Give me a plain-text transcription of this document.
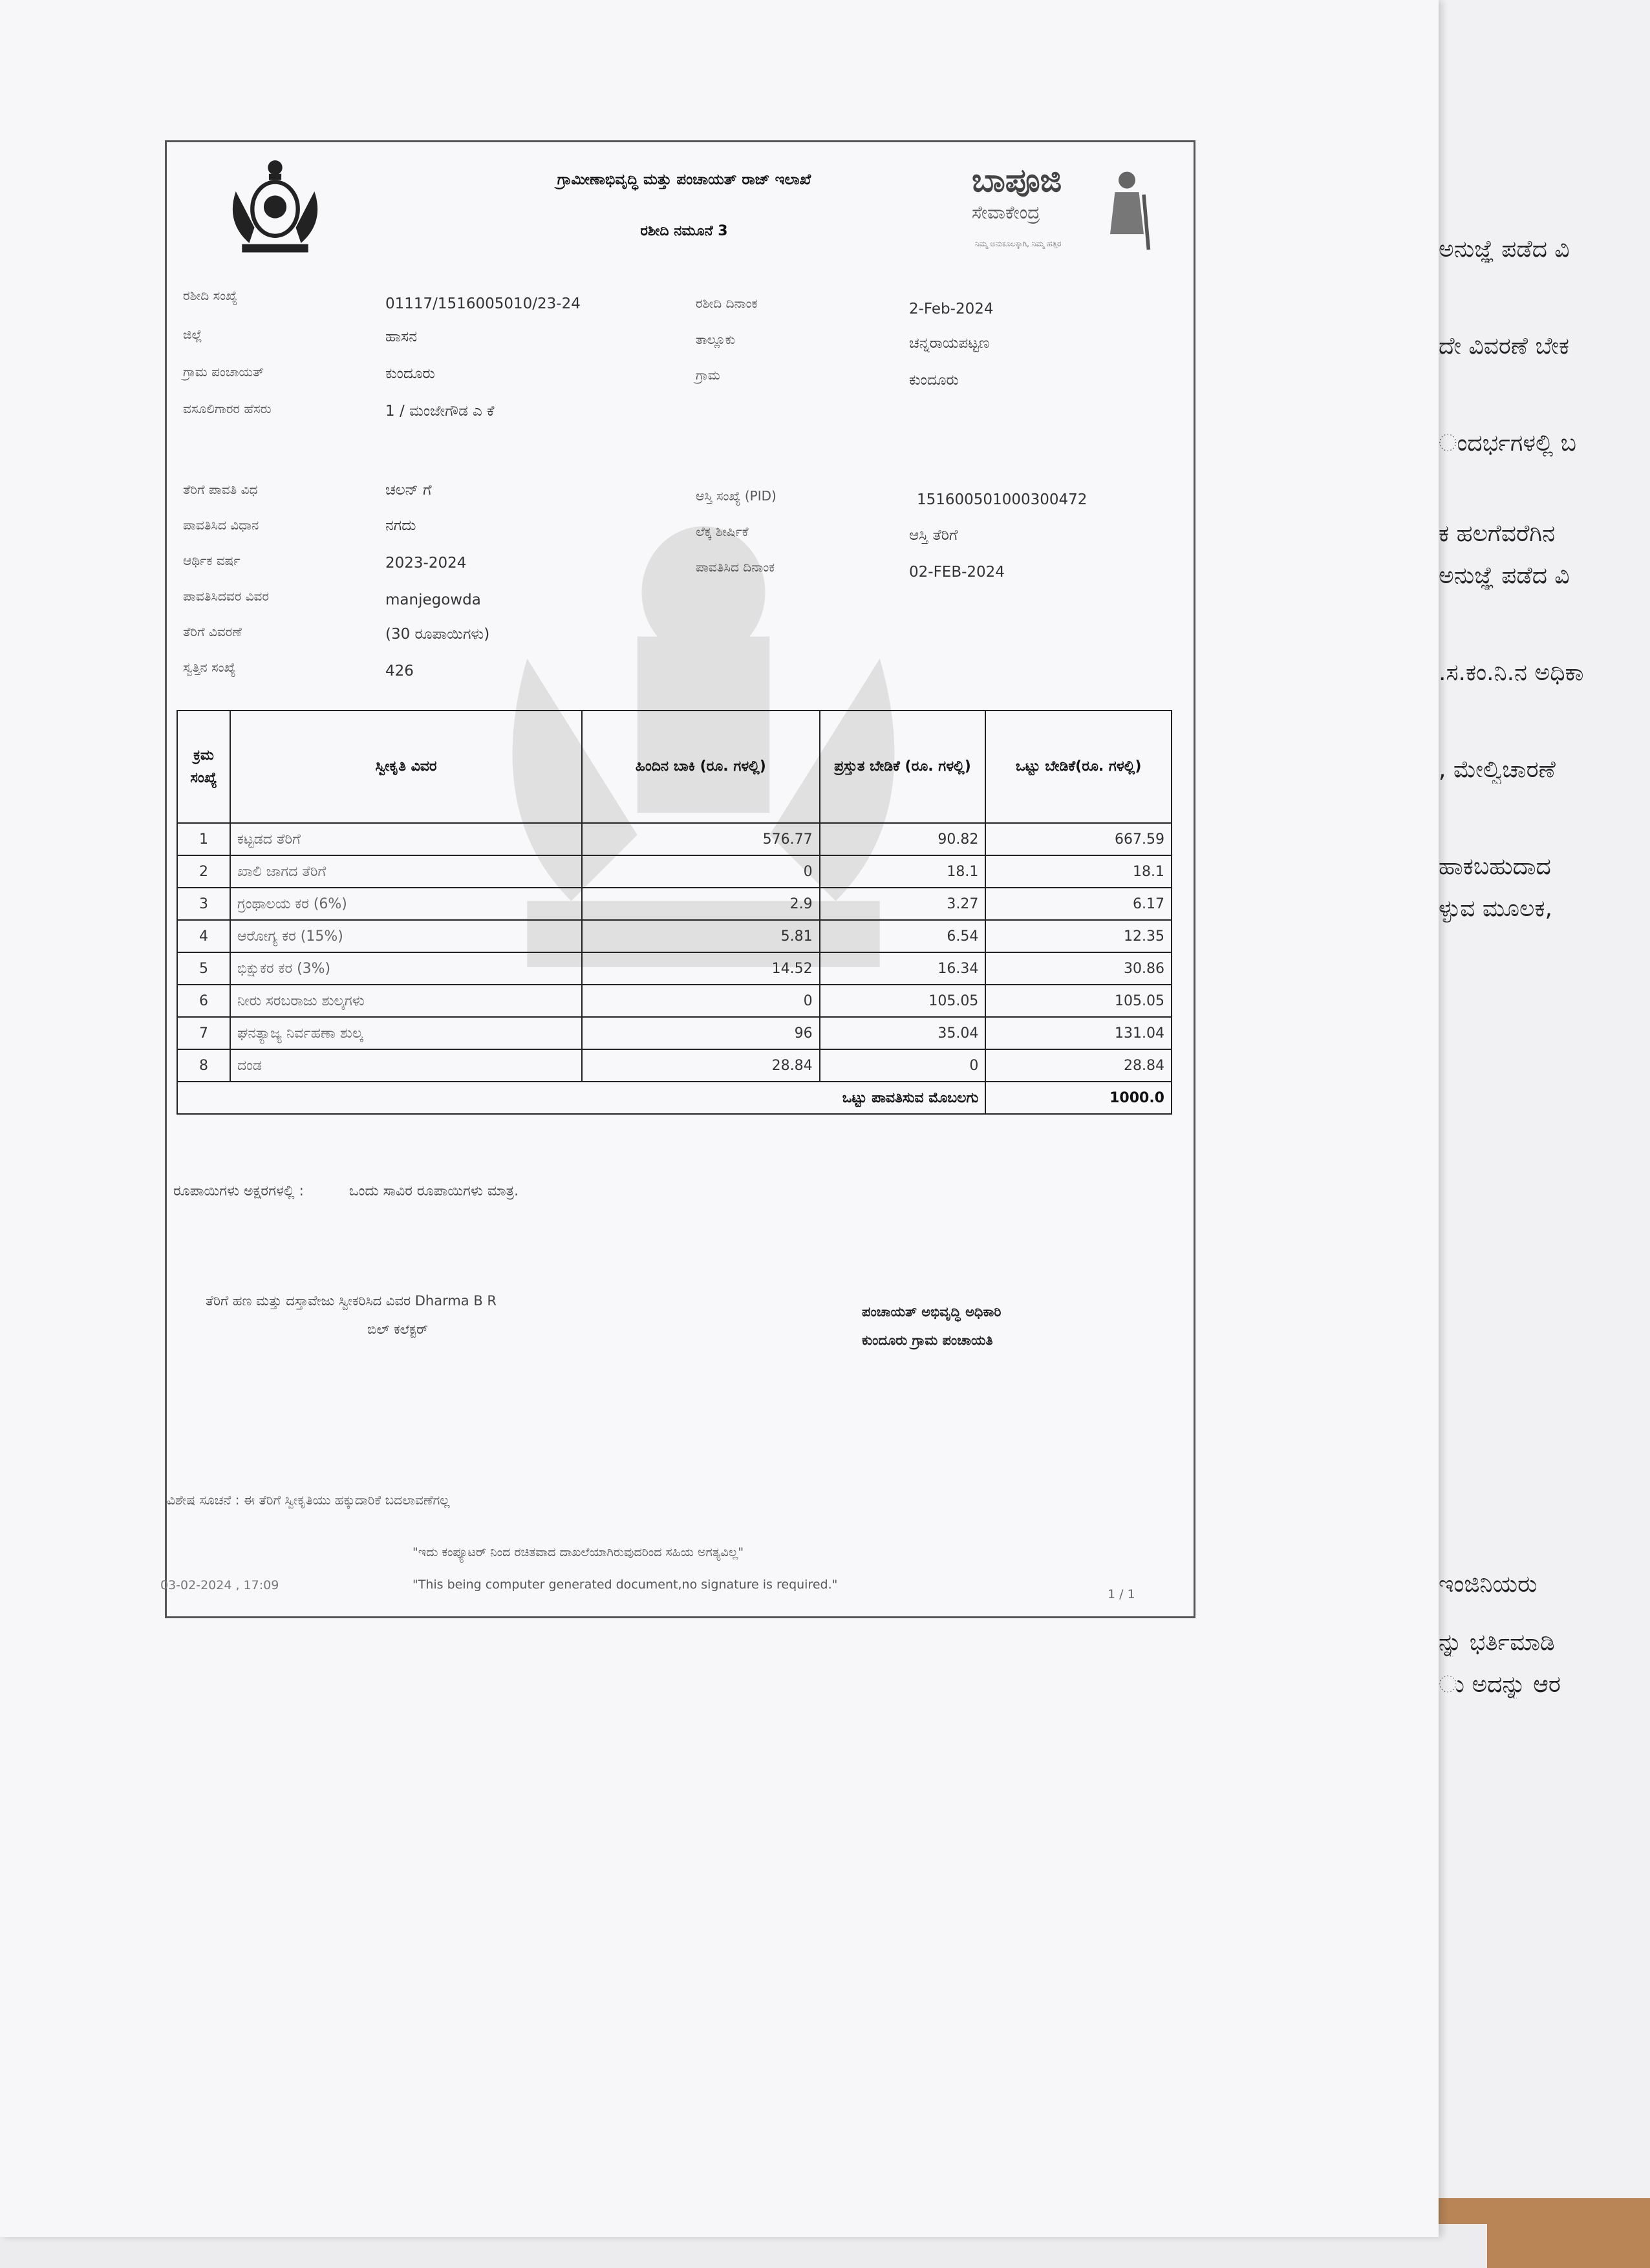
ಅನುಜ್ಞೆ ಪಡೆದ ವಿ
ದೇ ವಿವರಣೆ ಬೇಕ
ಂದರ್ಭಗಳಲ್ಲಿ ಬ
ಕ ಹಲಗೆವರೆಗಿನ
ಅನುಜ್ಞೆ ಪಡೆದ ವಿ
.ಸ.ಕಂ.ನಿ.ನ ಅಧಿಕಾ
, ಮೇಲ್ವಿಚಾರಣೆ
ಹಾಕಬಹುದಾದ
ಳ್ಳುವ ಮೂಲಕ,
ಇಂಜಿನಿಯರು
ನ್ನು ಭರ್ತಿಮಾಡಿ
ು ಅದನ್ನು ಆರ
ಗ್ರಾಮೀಣಾಭಿವೃದ್ಧಿ ಮತ್ತು ಪಂಚಾಯತ್ ರಾಜ್ ಇಲಾಖೆ
ರಶೀದಿ ನಮೂನೆ 3
ಬಾಪೂಜಿ
ಸೇವಾಕೇಂದ್ರ
ನಿಮ್ಮ ಅನುಕೂಲಕ್ಕಾಗಿ, ನಿಮ್ಮ ಹತ್ತಿರ
ರಶೀದಿ ಸಂಖ್ಯೆ	01117/1516005010/23-24	ರಶೀದಿ ದಿನಾಂಕ	2-Feb-2024
ಜಿಲ್ಲೆ	ಹಾಸನ	ತಾಲ್ಲೂಕು	ಚನ್ನರಾಯಪಟ್ಟಣ
ಗ್ರಾಮ ಪಂಚಾಯತ್	ಕುಂದೂರು	ಗ್ರಾಮ	ಕುಂದೂರು
ವಸೂಲಿಗಾರರ ಹೆಸರು	1 / ಮಂಜೇಗೌಡ ಎ ಕೆ
ತೆರಿಗೆ ಪಾವತಿ ವಿಧ	ಚಲನ್ ಗೆ	ಆಸ್ತಿ ಸಂಖ್ಯೆ (PID)	151600501000300472
ಪಾವತಿಸಿದ ವಿಧಾನ	ನಗದು	ಲೆಕ್ಕ ಶೀರ್ಷಿಕೆ	ಆಸ್ತಿ ತೆರಿಗೆ
ಆರ್ಥಿಕ ವರ್ಷ	2023-2024	ಪಾವತಿಸಿದ ದಿನಾಂಕ	02-FEB-2024
ಪಾವತಿಸಿದವರ ವಿವರ	manjegowda
ತೆರಿಗೆ ವಿವರಣೆ	(30 ರೂಪಾಯಿಗಳು)
ಸ್ವತ್ತಿನ ಸಂಖ್ಯೆ	426
ಕ್ರಮ ಸಂಖ್ಯೆ	ಸ್ವೀಕೃತಿ ವಿವರ	ಹಿಂದಿನ ಬಾಕಿ (ರೂ. ಗಳಲ್ಲಿ)	ಪ್ರಸ್ತುತ ಬೇಡಿಕೆ (ರೂ. ಗಳಲ್ಲಿ)	ಒಟ್ಟು ಬೇಡಿಕೆ(ರೂ. ಗಳಲ್ಲಿ)
1	ಕಟ್ಟಡದ ತೆರಿಗೆ	576.77	90.82	667.59
2	ಖಾಲಿ ಜಾಗದ ತೆರಿಗೆ	0	18.1	18.1
3	ಗ್ರಂಥಾಲಯ ಕರ (6%)	2.9	3.27	6.17
4	ಆರೋಗ್ಯ ಕರ (15%)	5.81	6.54	12.35
5	ಭಿಕ್ಷುಕರ ಕರ (3%)	14.52	16.34	30.86
6	ನೀರು ಸರಬರಾಜು ಶುಲ್ಕಗಳು	0	105.05	105.05
7	ಘನತ್ಯಾಜ್ಯ ನಿರ್ವಹಣಾ ಶುಲ್ಕ	96	35.04	131.04
8	ದಂಡ	28.84	0	28.84
ಒಟ್ಟು ಪಾವತಿಸುವ ಮೊಬಲಗು				1000.0
ರೂಪಾಯಿಗಳು ಅಕ್ಷರಗಳಲ್ಲಿ :	ಒಂದು ಸಾವಿರ ರೂಪಾಯಿಗಳು ಮಾತ್ರ.
ತೆರಿಗೆ ಹಣ ಮತ್ತು ದಸ್ತಾವೇಜು ಸ್ವೀಕರಿಸಿದ ವಿವರ Dharma B R
ಬಿಲ್ ಕಲೆಕ್ಟರ್
ಪಂಚಾಯತ್ ಅಭಿವೃದ್ಧಿ ಅಧಿಕಾರಿ
ಕುಂದೂರು ಗ್ರಾಮ ಪಂಚಾಯತಿ
ವಿಶೇಷ ಸೂಚನೆ : ಈ ತೆರಿಗೆ ಸ್ವೀಕೃತಿಯು ಹಕ್ಕುದಾರಿಕೆ ಬದಲಾವಣೆಗಲ್ಲ
"ಇದು ಕಂಪ್ಯೂಟರ್ ನಿಂದ ರಚಿತವಾದ ದಾಖಲೆಯಾಗಿರುವುದರಿಂದ ಸಹಿಯ ಅಗತ್ಯವಿಲ್ಲ"
"This being computer generated document,no signature is required."
03-02-2024 , 17:09
1 / 1
